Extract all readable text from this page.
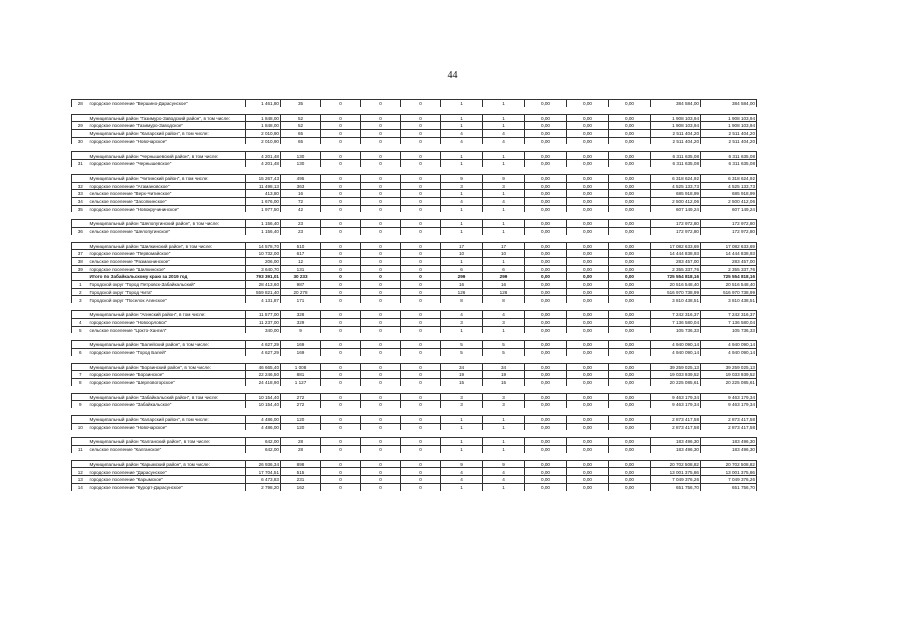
44
28	городское поселение "Вершино-Дарасунское"	1 461,80	35	0	0	0	1	1	0,00	0,00	0,00	384 584,00	384 584,00

	Муниципальный район "Газимуро-Заводский район", в том числе:	1 848,00	52	0	0	0	1	1	0,00	0,00	0,00	1 908 103,94	1 908 103,94
29	городское поселение "Газимуро-Заводское"	1 848,00	52	0	0	0	1	1	0,00	0,00	0,00	1 908 103,94	1 908 103,94
	Муниципальный район "Каларский район", в том числе:	2 010,90	65	0	0	0	4	4	0,00	0,00	0,00	2 511 404,20	2 511 404,20
30	городское поселение "Новочарское"	2 010,90	65	0	0	0	4	4	0,00	0,00	0,00	2 511 404,20	2 511 404,20

	Муниципальный район "Чернышевский район", в том числе:	4 201,48	130	0	0	0	1	1	0,00	0,00	0,00	6 311 635,08	6 311 635,08
31	городское поселение "Чернышевское"	4 201,48	130	0	0	0	1	1	0,00	0,00	0,00	6 311 635,08	6 311 635,08

	Муниципальный район "Читинский район", в том числе:	15 267,43	495	0	0	0	9	9	0,00	0,00	0,00	6 318 624,92	6 318 624,92
32	городское поселение "Атамановское"	11 498,13	363	0	0	0	3	3	0,00	0,00	0,00	4 525 133,73	4 525 133,73
33	сельское поселение "Верх-Читинское"	413,80	16	0	0	0	1	1	0,00	0,00	0,00	685 918,99	685 918,99
34	сельское поселение "Засопкинское"	1 676,00	72	0	0	0	4	4	0,00	0,00	0,00	2 500 412,06	2 500 412,06
35	городское поселение "Новокручининское"	1 977,50	42	0	0	0	1	1	0,00	0,00	0,00	607 149,24	607 149,24

	Муниципальный район "Шелопугинский район", в том числе:	1 156,40	23	0	0	0	1	1	0,00	0,00	0,00	172 972,80	172 972,80
36	сельское поселение "Шелопугинское"	1 156,40	23	0	0	0	1	1	0,00	0,00	0,00	172 972,80	172 972,80

	Муниципальный район "Шилкинский район", в том числе:	14 578,70	510	0	0	0	17	17	0,00	0,00	0,00	17 082 633,69	17 082 633,69
37	городское поселение "Первомайское"	10 732,00	617	0	0	0	10	10	0,00	0,00	0,00	14 444 838,93	14 444 838,93
38	сельское поселение "Размахнинское"	206,00	12	0	0	0	1	1	0,00	0,00	0,00	283 457,00	283 457,00
39	городское поселение "Шилкинское"	3 640,70	131	0	0	0	6	6	0,00	0,00	0,00	2 355 337,76	2 355 337,76
	Итого по Забайкальскому краю за 2019 год	793 391,01	30 233	0	0	0	299	299	0,00	0,00	0,00	725 554 818,16	725 554 818,16
1	Городской округ "Город Петровск-Забайкальский"	28 413,60	987	0	0	0	16	16	0,00	0,00	0,00	20 516 548,40	20 516 548,40
2	Городской округ "Город Чита"	559 821,40	20 278	0	0	0	126	126	0,00	0,00	0,00	516 970 738,99	516 970 738,99
3	Городской округ "Поселок Агинское"	4 131,87	171	0	0	0	8	8	0,00	0,00	0,00	3 810 438,51	3 810 438,51

	Муниципальный район "Агинский район", в том числе:	11 577,00	328	0	0	0	4	4	0,00	0,00	0,00	7 242 316,37	7 242 316,37
4	городское поселение "Новоорловск"	11 237,00	329	0	0	0	3	3	0,00	0,00	0,00	7 136 580,04	7 136 580,04
5	сельское поселение "Цокто-Хангил"	340,00	9	0	0	0	1	1	0,00	0,00	0,00	105 736,33	105 736,33

	Муниципальный район "Балейский район", в том числе:	4 627,29	169	0	0	0	5	5	0,00	0,00	0,00	4 940 090,14	4 940 090,14
6	городское поселение "Город Балей"	4 627,29	169	0	0	0	5	5	0,00	0,00	0,00	4 940 090,14	4 940 090,14

	Муниципальный район "Борзинский район", в том числе:	46 665,40	1 008	0	0	0	34	34	0,00	0,00	0,00	39 259 025,13	39 259 025,13
7	городское поселение "Борзинское"	22 246,50	881	0	0	0	19	19	0,00	0,00	0,00	19 033 939,52	19 033 939,52
8	городское поселение "Шерловогорское"	24 418,90	1 127	0	0	0	15	15	0,00	0,00	0,00	20 225 085,61	20 225 085,61

	Муниципальный район "Забайкальский район", в том числе:	10 154,40	272	0	0	0	3	3	0,00	0,00	0,00	9 463 179,34	9 463 179,34
9	городское поселение "Забайкальское"	10 154,40	272	0	0	0	3	3	0,00	0,00	0,00	9 463 179,34	9 463 179,34

	Муниципальный район "Каларский район", в том числе:	4 486,00	120	0	0	0	1	1	0,00	0,00	0,00	2 873 417,58	2 873 417,58
10	городское поселение "Новочарское"	4 486,00	120	0	0	0	1	1	0,00	0,00	0,00	2 873 417,58	2 873 417,58

	Муниципальный район "Калганский район", в том числе:	642,00	28	0	0	0	1	1	0,00	0,00	0,00	183 496,30	183 496,30
11	сельское поселение "Калганское"	642,00	28	0	0	0	1	1	0,00	0,00	0,00	183 496,30	183 496,30

	Муниципальный район "Карымский район", в том числе:	26 936,34	898	0	0	0	9	9	0,00	0,00	0,00	20 702 508,82	20 702 508,82
12	городское поселение "Дарасунское"	17 704,51	515	0	0	0	4	4	0,00	0,00	0,00	13 001 375,86	13 001 375,86
13	городское поселение "Карымское"	6 473,83	231	0	0	0	4	4	0,00	0,00	0,00	7 049 376,26	7 049 376,26
14	городское поселение "Курорт-Дарасунское"	2 798,20	162	0	0	0	1	1	0,00	0,00	0,00	651 756,70	651 756,70
